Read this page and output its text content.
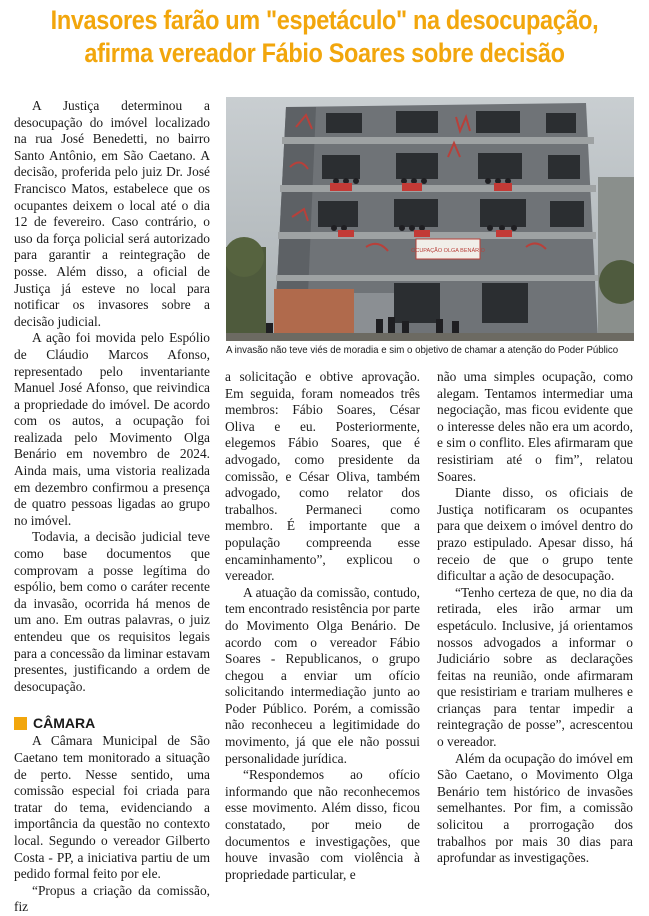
Invasores farão um "espetáculo" na desocupação,
afirma vereador Fábio Soares sobre decisão

A Justiça determinou a desocupação do imóvel localizado na rua José Benedetti, no bairro Santo Antônio, em São Caetano. A decisão, proferida pelo juiz Dr. José Francisco Matos, estabelece que os ocupantes deixem o local até o dia 12 de fevereiro. Caso contrário, o uso da força policial será autorizado para garantir a reintegração de posse. Além disso, a oficial de Justiça já esteve no local para notificar os invasores sobre a decisão judicial.

A ação foi movida pelo Espólio de Cláudio Marcos Afonso, representado pelo inventariante Manuel José Afonso, que reivindica a propriedade do imóvel. De acordo com os autos, a ocupação foi realizada pelo Movimento Olga Benário em novembro de 2024. Ainda mais, uma vistoria realizada em dezembro confirmou a presença de quatro pessoas ligadas ao grupo no imóvel.

Todavia, a decisão judicial teve como base documentos que comprovam a posse legítima do espólio, bem como o caráter recente da invasão, ocorrida há menos de um ano. Em outras palavras, o juiz entendeu que os requisitos legais para a concessão da liminar estavam presentes, justificando a ordem de desocupação.

CÂMARA

A Câmara Municipal de São Caetano tem monitorado a situação de perto. Nesse sentido, uma comissão especial foi criada para tratar do tema, evidenciando a importância da questão no contexto local. Segundo o vereador Gilberto Costa - PP, a iniciativa partiu de um pedido formal feito por ele.

“Propus a criação da comissão, fiz

OCUPAÇÃO OLGA BENÁRIO
A invasão não teve viés de moradia e sim o objetivo de chamar a atenção do Poder Público

a solicitação e obtive aprovação. Em seguida, foram nomeados três membros: Fábio Soares, César Oliva e eu. Posteriormente, elegemos Fábio Soares, que é advogado, como presidente da comissão, e César Oliva, também advogado, como relator dos trabalhos. Permaneci como membro. É importante que a população compreenda esse encaminhamento”, explicou o vereador.

A atuação da comissão, contudo, tem encontrado resistência por parte do Movimento Olga Benário. De acordo com o vereador Fábio Soares - Republicanos, o grupo chegou a enviar um ofício solicitando intermediação junto ao Poder Público. Porém, a comissão não reconheceu a legitimidade do movimento, já que ele não possui personalidade jurídica.

“Respondemos ao ofício informando que não reconhecemos esse movimento. Além disso, ficou constatado, por meio de documentos e investigações, que houve invasão com violência à propriedade particular, e

não uma simples ocupação, como alegam. Tentamos intermediar uma negociação, mas ficou evidente que o interesse deles não era um acordo, e sim o conflito. Eles afirmaram que resistiriam até o fim”, relatou Soares.

Diante disso, os oficiais de Justiça notificaram os ocupantes para que deixem o imóvel dentro do prazo estipulado. Apesar disso, há receio de que o grupo tente dificultar a ação de desocupação.

“Tenho certeza de que, no dia da retirada, eles irão armar um espetáculo. Inclusive, já orientamos nossos advogados a informar o Judiciário sobre as declarações feitas na reunião, onde afirmaram que resistiriam e trariam mulheres e crianças para tentar impedir a reintegração de posse”, acrescentou o vereador.

Além da ocupação do imóvel em São Caetano, o Movimento Olga Benário tem histórico de invasões semelhantes. Por fim, a comissão solicitou a prorrogação dos trabalhos por mais 30 dias para aprofundar as investigações.
